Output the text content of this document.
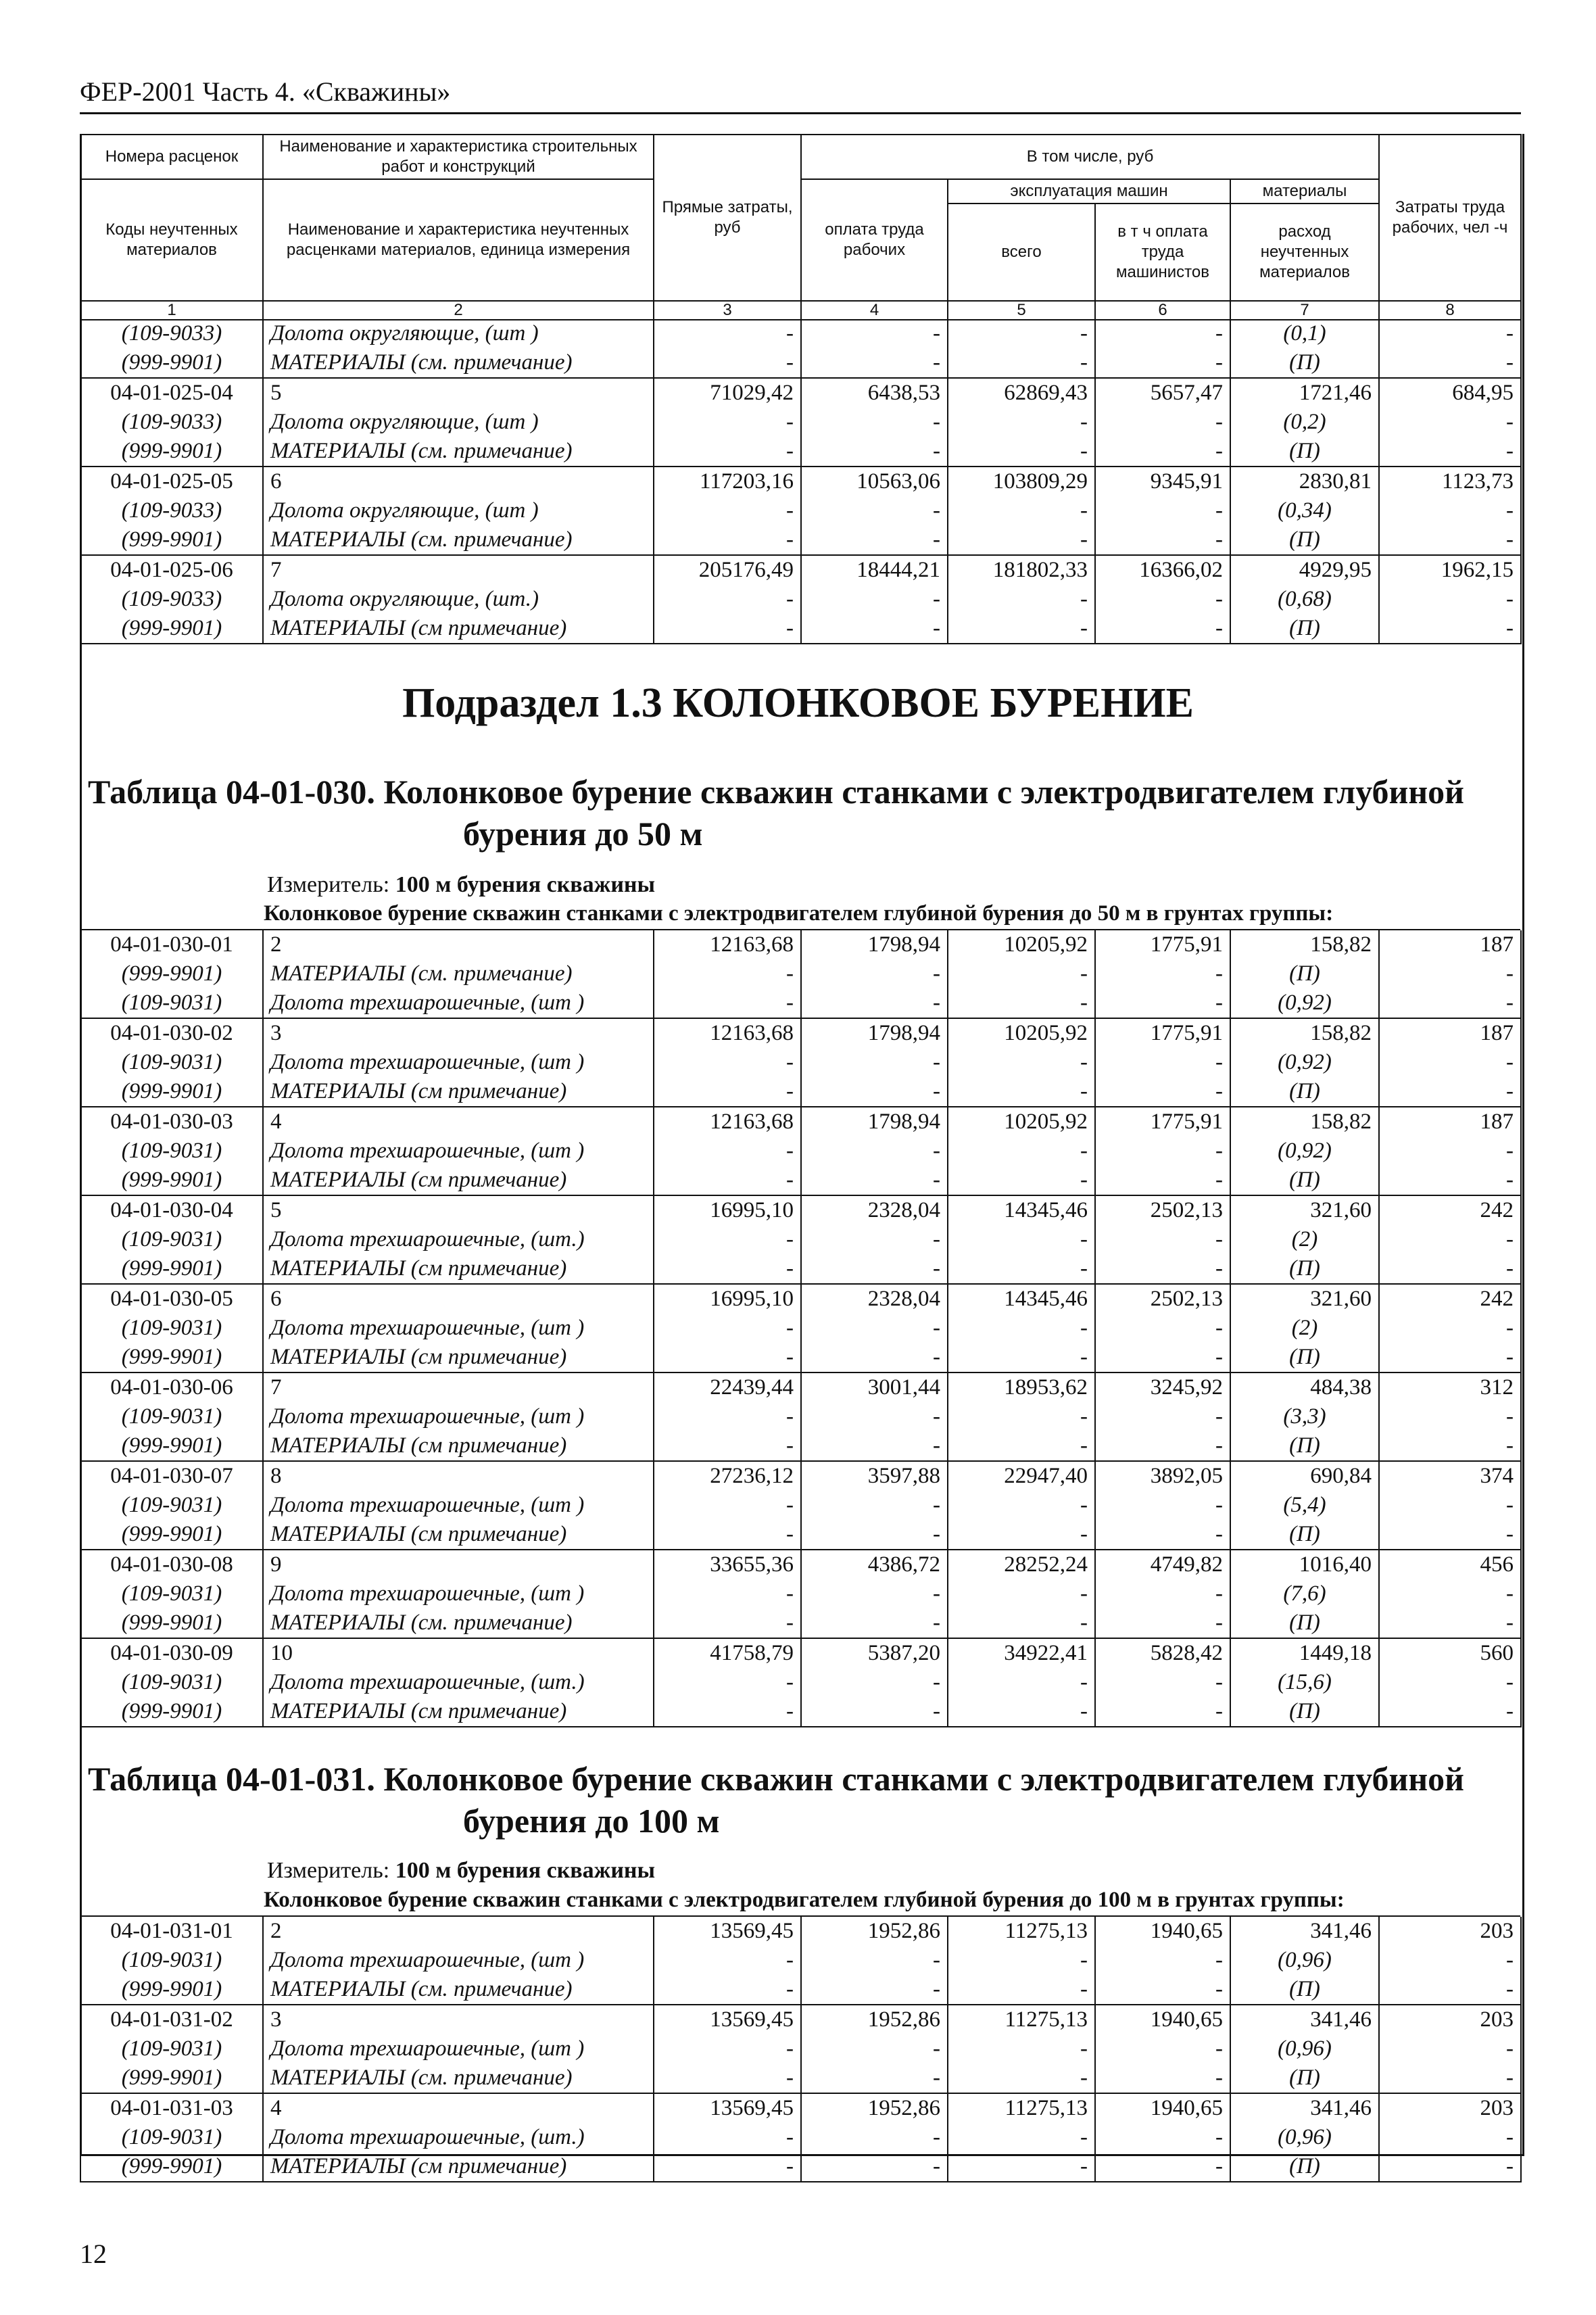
ФЕР-2001 Часть 4. «Скважины»
Номера расценок	Наименование и характеристика строительных работ и конструкций	Прямые затраты, руб	В том числе, руб				Затраты труда рабочих, чел -ч
Коды неучтенных материалов	Наименование и характеристика неучтенных расценками материалов, единица измерения		оплата труда рабочих	эксплуатация машин		материалы	
				всего	в т ч оплата труда машинистов	расход неучтенных материалов	
1	2	3	4	5	6	7	8
(109-9033)	Долота округляющие, (шт )	-	-	-	-	(0,1)	-
(999-9901)	МАТЕРИАЛЫ (см. примечание)	-	-	-	-	(П)	-
04-01-025-04	5	71029,42	6438,53	62869,43	5657,47	1721,46	684,95
(109-9033)	Долота округляющие, (шт )	-	-	-	-	(0,2)	-
(999-9901)	МАТЕРИАЛЫ (см. примечание)	-	-	-	-	(П)	-
04-01-025-05	6	117203,16	10563,06	103809,29	9345,91	2830,81	1123,73
(109-9033)	Долота округляющие, (шт )	-	-	-	-	(0,34)	-
(999-9901)	МАТЕРИАЛЫ (см. примечание)	-	-	-	-	(П)	-
04-01-025-06	7	205176,49	18444,21	181802,33	16366,02	4929,95	1962,15
(109-9033)	Долота округляющие, (шт.)	-	-	-	-	(0,68)	-
(999-9901)	МАТЕРИАЛЫ (см примечание)	-	-	-	-	(П)	-
Подраздел 1.3 КОЛОНКОВОЕ БУРЕНИЕ
Таблица 04-01-030. Колонковое бурение скважин станками с электродвигателем глубиной
бурения до 50 м
Измеритель: 100 м бурения скважины
Колонковое бурение скважин станками с электродвигателем глубиной бурения до 50 м в грунтах группы:
04-01-030-01	2	12163,68	1798,94	10205,92	1775,91	158,82	187
(999-9901)	МАТЕРИАЛЫ (см. примечание)	-	-	-	-	(П)	-
(109-9031)	Долота трехшарошечные, (шт )	-	-	-	-	(0,92)	-
04-01-030-02	3	12163,68	1798,94	10205,92	1775,91	158,82	187
(109-9031)	Долота трехшарошечные, (шт )	-	-	-	-	(0,92)	-
(999-9901)	МАТЕРИАЛЫ (см примечание)	-	-	-	-	(П)	-
04-01-030-03	4	12163,68	1798,94	10205,92	1775,91	158,82	187
(109-9031)	Долота трехшарошечные, (шт )	-	-	-	-	(0,92)	-
(999-9901)	МАТЕРИАЛЫ (см примечание)	-	-	-	-	(П)	-
04-01-030-04	5	16995,10	2328,04	14345,46	2502,13	321,60	242
(109-9031)	Долота трехшарошечные, (шт.)	-	-	-	-	(2)	-
(999-9901)	МАТЕРИАЛЫ (см примечание)	-	-	-	-	(П)	-
04-01-030-05	6	16995,10	2328,04	14345,46	2502,13	321,60	242
(109-9031)	Долота трехшарошечные, (шт )	-	-	-	-	(2)	-
(999-9901)	МАТЕРИАЛЫ (см примечание)	-	-	-	-	(П)	-
04-01-030-06	7	22439,44	3001,44	18953,62	3245,92	484,38	312
(109-9031)	Долота трехшарошечные, (шт )	-	-	-	-	(3,3)	-
(999-9901)	МАТЕРИАЛЫ (см примечание)	-	-	-	-	(П)	-
04-01-030-07	8	27236,12	3597,88	22947,40	3892,05	690,84	374
(109-9031)	Долота трехшарошечные, (шт )	-	-	-	-	(5,4)	-
(999-9901)	МАТЕРИАЛЫ (см примечание)	-	-	-	-	(П)	-
04-01-030-08	9	33655,36	4386,72	28252,24	4749,82	1016,40	456
(109-9031)	Долота трехшарошечные, (шт )	-	-	-	-	(7,6)	-
(999-9901)	МАТЕРИАЛЫ (см. примечание)	-	-	-	-	(П)	-
04-01-030-09	10	41758,79	5387,20	34922,41	5828,42	1449,18	560
(109-9031)	Долота трехшарошечные, (шт.)	-	-	-	-	(15,6)	-
(999-9901)	МАТЕРИАЛЫ (см примечание)	-	-	-	-	(П)	-
Таблица 04-01-031. Колонковое бурение скважин станками с электродвигателем глубиной
бурения до 100 м
Измеритель: 100 м бурения скважины
Колонковое бурение скважин станками с электродвигателем глубиной бурения до 100 м в грунтах группы:
04-01-031-01	2	13569,45	1952,86	11275,13	1940,65	341,46	203
(109-9031)	Долота трехшарошечные, (шт )	-	-	-	-	(0,96)	-
(999-9901)	МАТЕРИАЛЫ (см. примечание)	-	-	-	-	(П)	-
04-01-031-02	3	13569,45	1952,86	11275,13	1940,65	341,46	203
(109-9031)	Долота трехшарошечные, (шт )	-	-	-	-	(0,96)	-
(999-9901)	МАТЕРИАЛЫ (см. примечание)	-	-	-	-	(П)	-
04-01-031-03	4	13569,45	1952,86	11275,13	1940,65	341,46	203
(109-9031)	Долота трехшарошечные, (шт.)	-	-	-	-	(0,96)	-
(999-9901)	МАТЕРИАЛЫ (см примечание)	-	-	-	-	(П)	-
12
